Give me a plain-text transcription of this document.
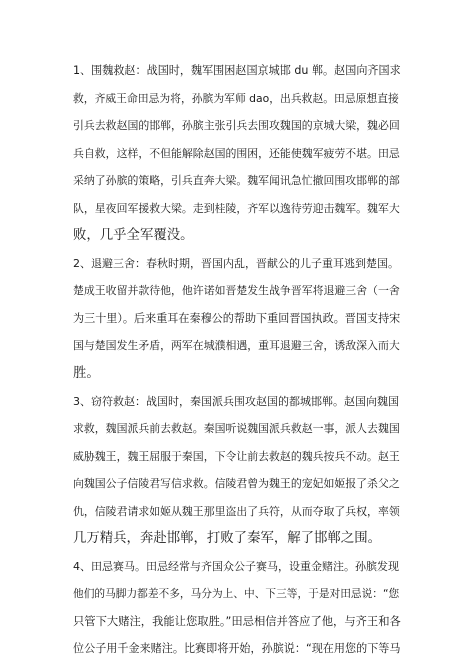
1、围魏救赵：战国时，魏军围困赵国京城邯 du 郸。赵国向齐国求
救，齐威王命田忌为将，孙膑为军师 dao，出兵救赵。田忌原想直接
引兵去救赵国的邯郸，孙膑主张引兵去围攻魏国的京城大梁，魏必回
兵自救，这样，不但能解除赵国的围困，还能使魏军疲劳不堪。田忌
采纳了孙膑的策略，引兵直奔大梁。魏军闻讯急忙撤回围攻邯郸的部
队，星夜回军援救大梁。走到桂陵，齐军以逸待劳迎击魏军。魏军大
败，几乎全军覆没。
2、退避三舍：春秋时期，晋国内乱，晋献公的儿子重耳逃到楚国。
楚成王收留并款待他，他许诺如晋楚发生战争晋军将退避三舍（一舍
为三十里）。后来重耳在秦穆公的帮助下重回晋国执政。晋国支持宋
国与楚国发生矛盾，两军在城濮相遇，重耳退避三舍，诱敌深入而大
胜。
3、窃符救赵：战国时，秦国派兵围攻赵国的都城邯郸。赵国向魏国
求救，魏国派兵前去救赵。秦国听说魏国派兵救赵一事，派人去魏国
威胁魏王，魏王屈服于秦国，下令让前去救赵的魏兵按兵不动。赵王
向魏国公子信陵君写信求救。信陵君曾为魏王的宠妃如姬报了杀父之
仇，信陵君请求如姬从魏王那里盗出了兵符，从而夺取了兵权，率领
几万精兵，奔赴邯郸，打败了秦军，解了邯郸之围。
4、田忌赛马。田忌经常与齐国众公子赛马，设重金赌注。孙膑发现
他们的马脚力都差不多，马分为上、中、下三等，于是对田忌说：“您
只管下大赌注，我能让您取胜。”田忌相信并答应了他，与齐王和各
位公子用千金来赌注。比赛即将开始，孙膑说：“现在用您的下等马
